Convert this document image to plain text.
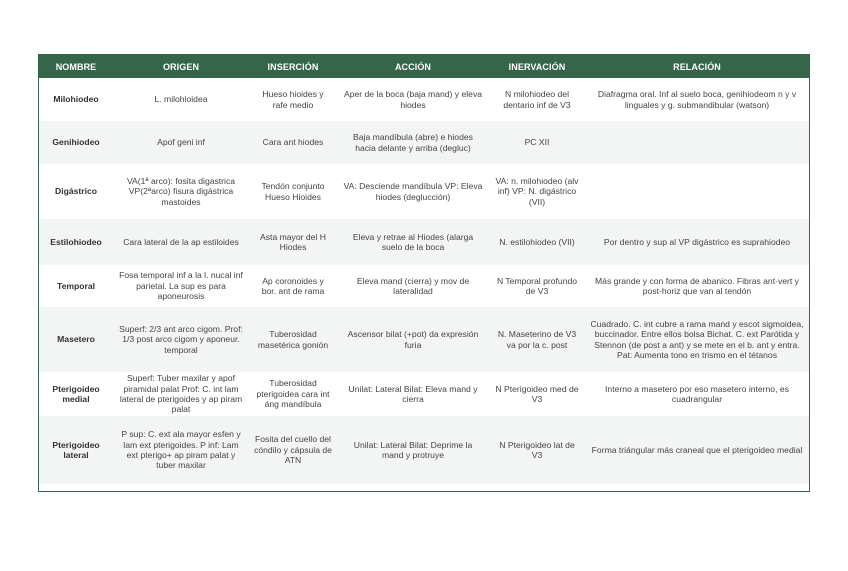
NOMBRE	ORIGEN	INSERCIÓN	ACCIÓN	INERVACIÓN	RELACIÓN
Milohiodeo	L. milohioidea	Hueso hioides y rafe medio	Aper de la boca (baja mand) y eleva hiodes	N milohiodeo del dentario inf de V3	Diafragma oral. Inf al suelo boca, genihiodeom n y v linguales y g. submandibular (watson)
Genihiodeo	Apof geni inf	Cara ant hiodes	Baja mandíbula (abre) e hiodes hacia delante y arriba (degluc)	PC XII	
Digástrico	VA(1ª arco): fosita digastrica VP(2ªarco) fisura digástrica mastoides	Tendón conjunto Hueso Hioides	VA: Desciende mandíbula VP: Eleva hiodes (deglucción)	VA: n. milohiodeo (alv inf) VP: N. digástrico (VII)	
Estilohiodeo	Cara lateral de la ap estiloides	Asta mayor del H Hiodes	Eleva y retrae al Hiodes (alarga suelo de la boca	N. estilohiodeo (VII)	Por dentro y sup al VP digástrico es suprahiodeo
Temporal	Fosa temporal inf a la l. nucal inf parietal. La sup es para aponeurosis	Ap coronoides y bor. ant de rama	Eleva mand (cierra) y mov de lateralidad	N Temporal profundo de V3	Más grande y con forma de abanico. Fibras ant-vert y post-horiz que van al tendón
Masetero	Superf: 2/3 ant arco cigom. Prof: 1/3 post arco cigom y aponeur. temporal	Tuberosidad masetérica gonión	Ascensor bilat (+pot) da expresión furia	N. Maseterino de V3 va por la c. post	Cuadrado. C. int cubre a rama mand y escot sigmoidea, buccinador. Entre ellos bolsa Bichat. C. ext Parótida y Stennon (de post a ant) y se mete en el b. ant y entra. Pat: Aumenta tono en trismo en el tétanos
Pterigoideo medial	Superf: Tuber maxilar y apof piramidal palat Prof: C. int lam lateral de pterigoides y ap piram palat	Tuberosidad pterigoidea cara int áng mandíbula	Unilat: Lateral Bilat: Eleva mand y cierra	N Pterigoideo med de V3	Interno a masetero por eso masetero interno, es cuadrangular
Pterigoideo lateral	P sup: C. ext ala mayor esfen y lam ext pterigoides. P inf: Lam ext pterigo+ ap piram palat y tuber maxilar	Fosita del cuello del cóndilo y cápsula de ATN	Unilat: Lateral Bilat: Deprime la mand y protruye	N Pterigoideo lat de V3	Forma triángular más craneal que el pterigoideo medial
